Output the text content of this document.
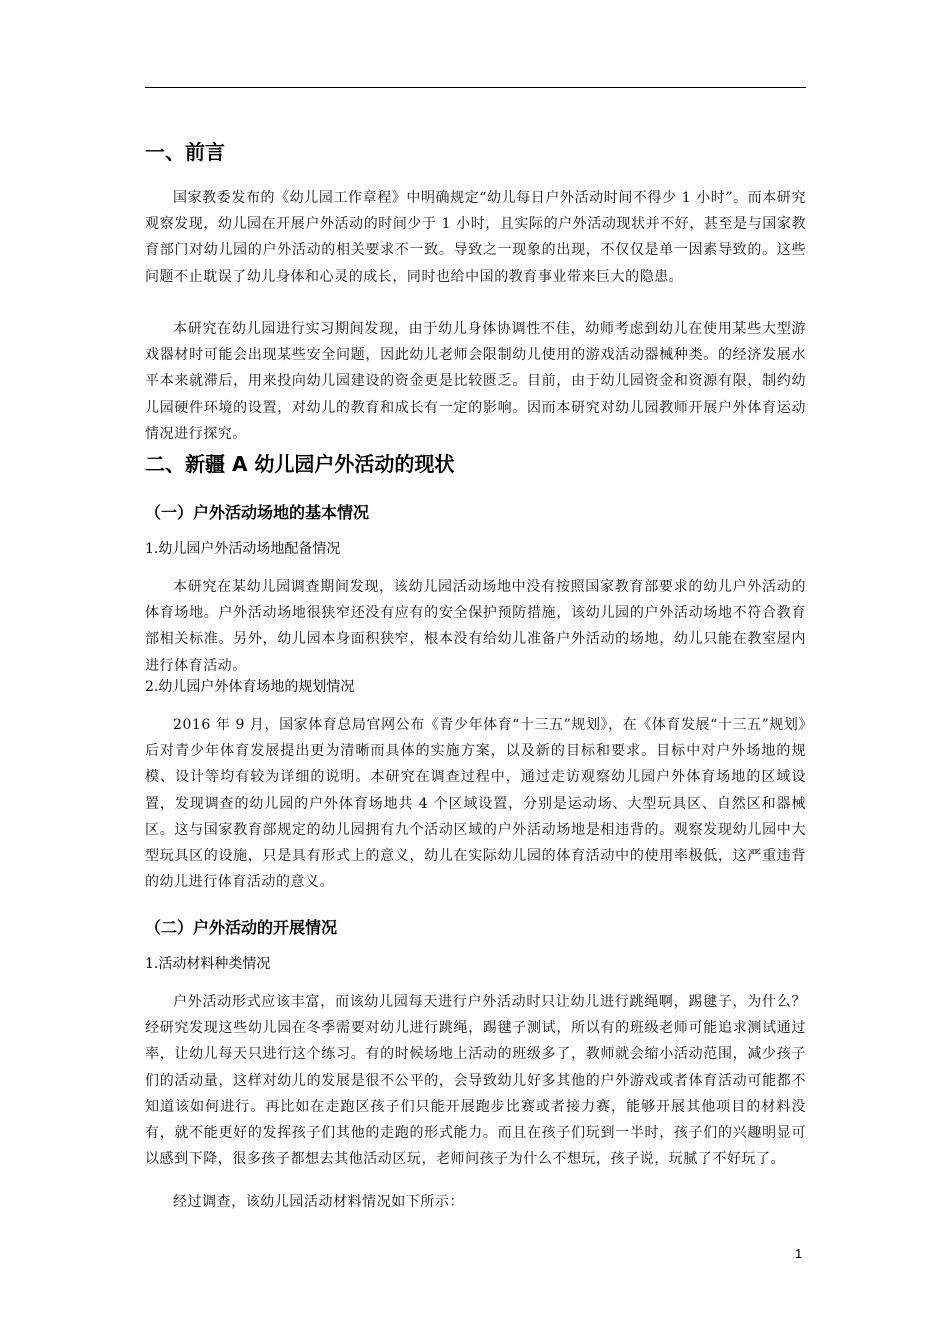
一、前言

国家教委发布的《幼儿园工作章程》中明确规定“幼儿每日户外活动时间不得少 1 小时”。而本研究观察发现，幼儿园在开展户外活动的时间少于 1 小时，且实际的户外活动现状并不好，甚至是与国家教育部门对幼儿园的户外活动的相关要求不一致。导致之一现象的出现，不仅仅是单一因素导致的。这些问题不止耽误了幼儿身体和心灵的成长，同时也给中国的教育事业带来巨大的隐患。

本研究在幼儿园进行实习期间发现，由于幼儿身体协调性不佳，幼师考虑到幼儿在使用某些大型游戏器材时可能会出现某些安全问题，因此幼儿老师会限制幼儿使用的游戏活动器械种类。的经济发展水平本来就滞后，用来投向幼儿园建设的资金更是比较匮乏。目前，由于幼儿园资金和资源有限，制约幼儿园硬件环境的设置，对幼儿的教育和成长有一定的影响。因而本研究对幼儿园教师开展户外体育运动情况进行探究。

二、新疆 A 幼儿园户外活动的现状
（一）户外活动场地的基本情况
1.幼儿园户外活动场地配备情况

本研究在某幼儿园调查期间发现，该幼儿园活动场地中没有按照国家教育部要求的幼儿户外活动的体育场地。户外活动场地很狭窄还没有应有的安全保护预防措施，该幼儿园的户外活动场地不符合教育部相关标准。另外，幼儿园本身面积狭窄，根本没有给幼儿准备户外活动的场地，幼儿只能在教室屋内进行体育活动。

2.幼儿园户外体育场地的规划情况

2016 年 9 月，国家体育总局官网公布《青少年体育“十三五”规划》，在《体育发展“十三五”规划》后对青少年体育发展提出更为清晰而具体的实施方案，以及新的目标和要求。目标中对户外场地的规模、设计等均有较为详细的说明。本研究在调查过程中，通过走访观察幼儿园户外体育场地的区域设置，发现调查的幼儿园的户外体育场地共 4 个区域设置，分别是运动场、大型玩具区、自然区和器械区。这与国家教育部规定的幼儿园拥有九个活动区域的户外活动场地是相违背的。观察发现幼儿园中大型玩具区的设施，只是具有形式上的意义，幼儿在实际幼儿园的体育活动中的使用率极低，这严重违背的幼儿进行体育活动的意义。

（二）户外活动的开展情况
1.活动材料种类情况

户外活动形式应该丰富，而该幼儿园每天进行户外活动时只让幼儿进行跳绳啊，踢毽子，为什么？经研究发现这些幼儿园在冬季需要对幼儿进行跳绳，踢毽子测试，所以有的班级老师可能追求测试通过率，让幼儿每天只进行这个练习。有的时候场地上活动的班级多了，教师就会缩小活动范围，减少孩子们的活动量，这样对幼儿的发展是很不公平的，会导致幼儿好多其他的户外游戏或者体育活动可能都不知道该如何进行。再比如在走跑区孩子们只能开展跑步比赛或者接力赛，能够开展其他项目的材料没有，就不能更好的发挥孩子们其他的走跑的形式能力。而且在孩子们玩到一半时，孩子们的兴趣明显可以感到下降，很多孩子都想去其他活动区玩，老师问孩子为什么不想玩，孩子说，玩腻了不好玩了。

经过调查，该幼儿园活动材料情况如下所示：

1
